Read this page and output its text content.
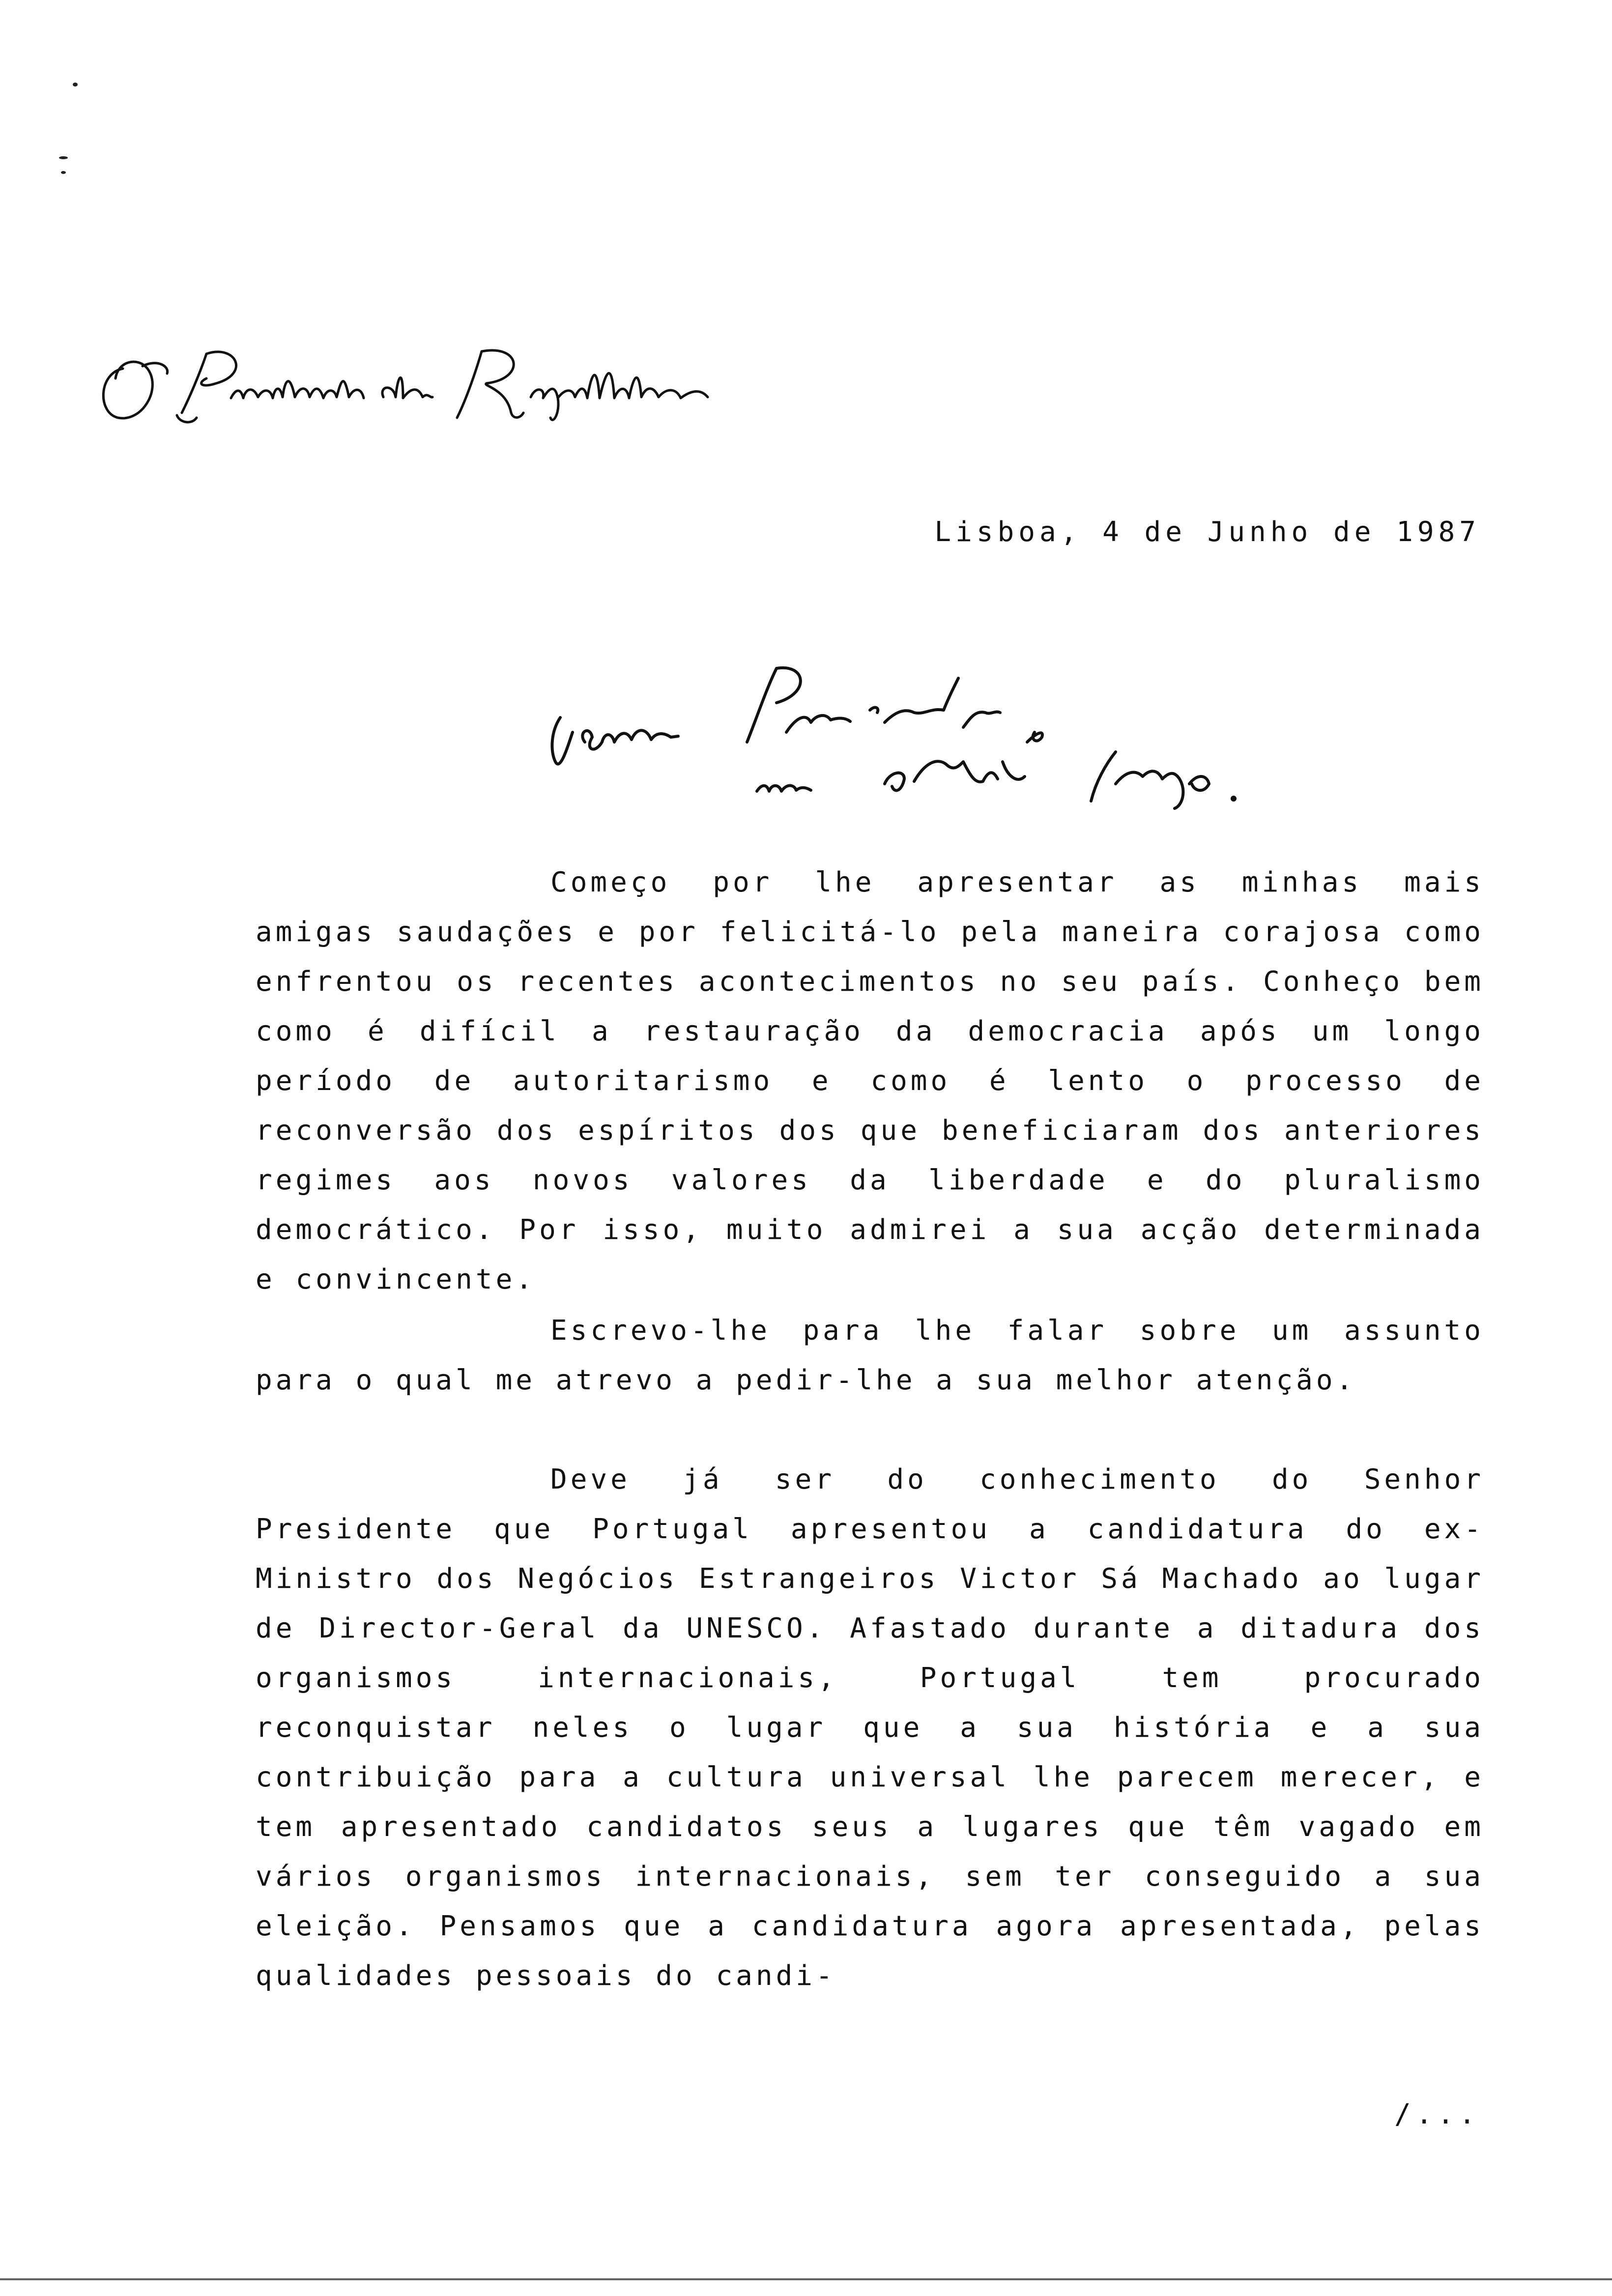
Lisboa, 4 de Junho de 1987

Começo por lhe apresentar as minhas mais amigas saudações e por felicitá-lo pela maneira corajosa como enfrentou os recentes acontecimentos no seu país. Conheço bem como é difícil a restauração da democracia após um longo período de autoritarismo e como é lento o processo de reconversão dos espíritos dos que beneficiaram dos anteriores regimes aos novos valores da liberdade e do pluralismo democrático. Por isso, muito admirei a sua acção determinada e convincente.

Escrevo-lhe para lhe falar sobre um assunto para o qual me atrevo a pedir-lhe a sua melhor atenção.

Deve já ser do conhecimento do Senhor Presidente que Portugal apresentou a candidatura do ex-Ministro dos Negócios Estrangeiros Victor Sá Machado ao lugar de Director-Geral da UNESCO. Afastado durante a ditadura dos organismos internacionais, Portugal tem procurado reconquistar neles o lugar que a sua história e a sua contribuição para a cultura universal lhe parecem merecer, e tem apresentado candidatos seus a lugares que têm vagado em vários organismos internacionais, sem ter conseguido a sua eleição. Pensamos que a candidatura agora apresentada, pelas qualidades pessoais do candi-

/...
